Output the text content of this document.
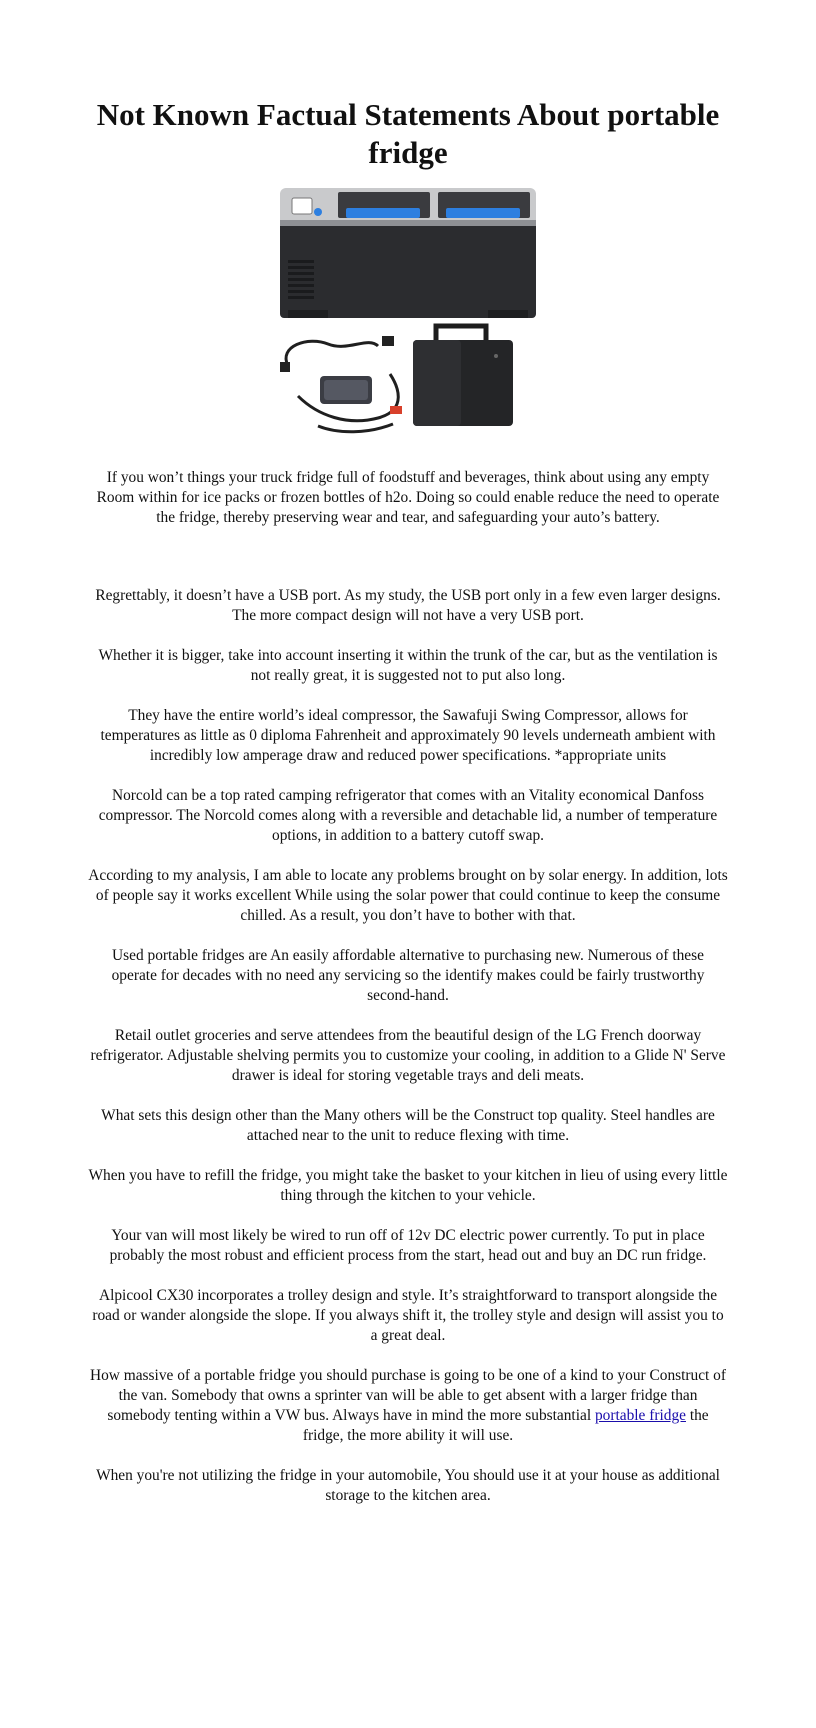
Not Known Factual Statements About portable fridge

If you won’t things your truck fridge full of foodstuff and beverages, think about using any empty Room within for ice packs or frozen bottles of h2o. Doing so could enable reduce the need to operate the fridge, thereby preserving wear and tear, and safeguarding your auto’s battery.

Regrettably, it doesn’t have a USB port. As my study, the USB port only in a few even larger designs. The more compact design will not have a very USB port.

Whether it is bigger, take into account inserting it within the trunk of the car, but as the ventilation is not really great, it is suggested not to put also long.

They have the entire world’s ideal compressor, the Sawafuji Swing Compressor, allows for temperatures as little as 0 diploma Fahrenheit and approximately 90 levels underneath ambient with incredibly low amperage draw and reduced power specifications. *appropriate units

Norcold can be a top rated camping refrigerator that comes with an Vitality economical Danfoss compressor. The Norcold comes along with a reversible and detachable lid, a number of temperature options, in addition to a battery cutoff swap.

According to my analysis, I am able to locate any problems brought on by solar energy. In addition, lots of people say it works excellent While using the solar power that could continue to keep the consume chilled. As a result, you don’t have to bother with that.

Used portable fridges are An easily affordable alternative to purchasing new. Numerous of these operate for decades with no need any servicing so the identify makes could be fairly trustworthy second-hand.

Retail outlet groceries and serve attendees from the beautiful design of the LG French doorway refrigerator. Adjustable shelving permits you to customize your cooling, in addition to a Glide N' Serve drawer is ideal for storing vegetable trays and deli meats.

What sets this design other than the Many others will be the Construct top quality. Steel handles are attached near to the unit to reduce flexing with time.

When you have to refill the fridge, you might take the basket to your kitchen in lieu of using every little thing through the kitchen to your vehicle.

Your van will most likely be wired to run off of 12v DC electric power currently. To put in place probably the most robust and efficient process from the start, head out and buy an DC run fridge.

Alpicool CX30 incorporates a trolley design and style. It’s straightforward to transport alongside the road or wander alongside the slope. If you always shift it, the trolley style and design will assist you to a great deal.

How massive of a portable fridge you should purchase is going to be one of a kind to your Construct of the van. Somebody that owns a sprinter van will be able to get absent with a larger fridge than somebody tenting within a VW bus. Always have in mind the more substantial portable fridge the fridge, the more ability it will use.

When you're not utilizing the fridge in your automobile, You should use it at your house as additional storage to the kitchen area.
